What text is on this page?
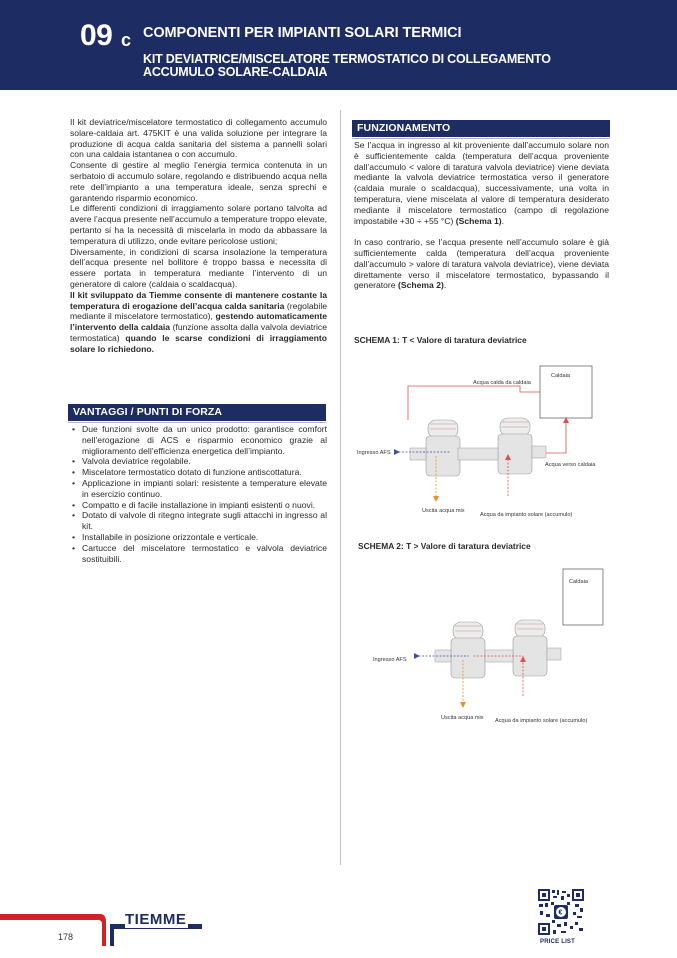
09 c COMPONENTI PER IMPIANTI SOLARI TERMICI
KIT DEVIATRICE/MISCELATORE TERMOSTATICO DI COLLEGAMENTO
ACCUMULO SOLARE-CALDAIA

Il kit deviatrice/miscelatore termostatico di collegamento accumulo solare-caldaia art. 475KIT è una valida soluzione per integrare la produzione di acqua calda sanitaria del sistema a pannelli solari con una caldaia istantanea o con accumulo.

Consente di gestire al meglio l’energia termica contenuta in un serbatoio di accumulo solare, regolando e distribuendo acqua nella rete dell’impianto a una temperatura ideale, senza sprechi e garantendo risparmio economico.

Le differenti condizioni di irraggiamento solare portano talvolta ad avere l’acqua presente nell’accumulo a temperature troppo elevate, pertanto si ha la necessità di miscelarla in modo da abbassare la temperatura di utilizzo, onde evitare pericolose ustioni;

Diversamente, in condizioni di scarsa insolazione la temperatura dell’acqua presente nel bollitore è troppo bassa e necessita di essere portata in temperatura mediante l’intervento di un generatore di calore (caldaia o scaldacqua).

Il kit sviluppato da Tiemme consente di mantenere costante la temperatura di erogazione dell’acqua calda sanitaria (regolabile mediante il miscelatore termostatico), gestendo automaticamente l’intervento della caldaia (funzione assolta dalla valvola deviatrice termostatica) quando le scarse condizioni di irraggiamento solare lo richiedono.

VANTAGGI / PUNTI DI FORZA
• Due funzioni svolte da un unico prodotto: garantisce comfort nell’erogazione di ACS e risparmio economico grazie al miglioramento dell’efficienza energetica dell’impianto.
• Valvola deviatrice regolabile.
• Miscelatore termostatico dotato di funzione antiscottatura.
• Applicazione in impianti solari: resistente a temperature elevate in esercizio continuo.
• Compatto e di facile installazione in impianti esistenti o nuovi.
• Dotato di valvole di ritegno integrate sugli attacchi in ingresso al kit.
• Installabile in posizione orizzontale e verticale.
• Cartucce del miscelatore termostatico e valvola deviatrice sostituibili.
FUNZIONAMENTO

Se l’acqua in ingresso al kit proveniente dall’accumulo solare non è sufficientemente calda (temperatura dell’acqua proveniente dall’accumulo < valore di taratura valvola deviatrice) viene deviata mediante la valvola deviatrice termostatica verso il generatore (caldaia murale o scaldacqua), successivamente, una volta in temperatura, viene miscelata al valore di temperatura desiderato mediante il miscelatore termostatico (campo di regolazione impostabile +30 ÷ +55 °C) (Schema 1).

In caso contrario, se l’acqua presente nell’accumulo solare è già sufficientemente calda (temperatura dell’acqua proveniente dall’accumulo > valore di taratura valvola deviatrice), viene deviata direttamente verso il miscelatore termostatico, bypassando il generatore (Schema 2).

SCHEMA 1: T < Valore di taratura deviatrice
Caldaia
Acqua calda da caldaia
Acqua verso caldaia
Ingresso AFS
Uscita acqua mix
Acqua da impianto solare (accumulo)
SCHEMA 2: T > Valore di taratura deviatrice
Caldaia
Ingresso AFS
Uscita acqua mix Acqua da impianto solare (accumulo)
TIEMME
178
€
PRICE LIST
